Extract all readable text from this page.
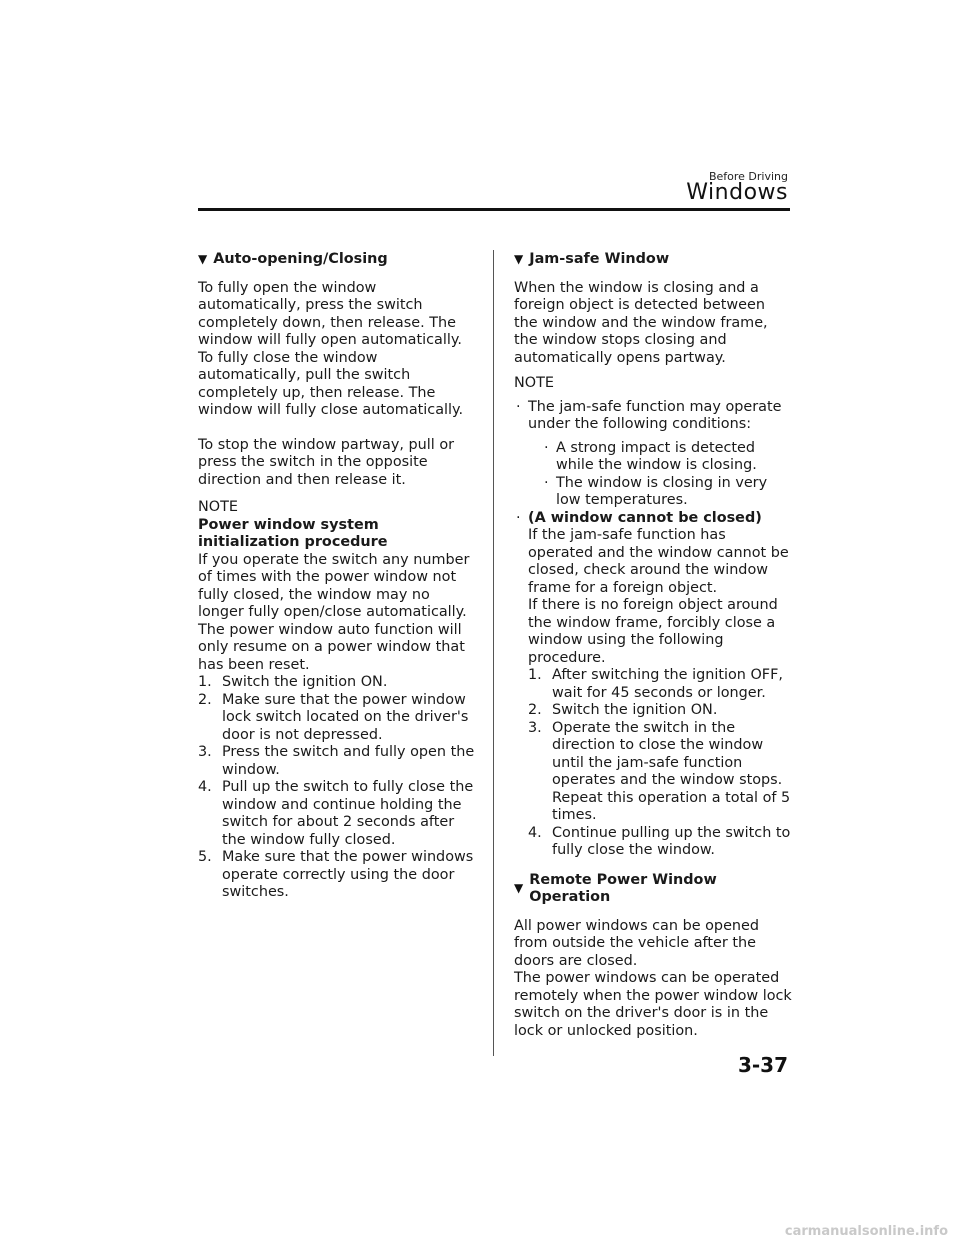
Before Driving
Windows
▼ Auto-opening/Closing

To fully open the window automatically, press the switch completely down, then release. The window will fully open automatically. To fully close the window automatically, pull the switch completely up, then release. The window will fully close automatically.

To stop the window partway, pull or press the switch in the opposite direction and then release it.

NOTE
Power window system initialization procedure
If you operate the switch any number of times with the power window not fully closed, the window may no longer fully open/close automatically.
The power window auto function will only resume on a power window that has been reset.
1. Switch the ignition ON.
2. Make sure that the power window lock switch located on the driver's door is not depressed.
3. Press the switch and fully open the window.
4. Pull up the switch to fully close the window and continue holding the switch for about 2 seconds after the window fully closed.
5. Make sure that the power windows operate correctly using the door switches.
▼ Jam-safe Window

When the window is closing and a foreign object is detected between the window and the window frame, the window stops closing and automatically opens partway.

NOTE
· The jam-safe function may operate under the following conditions:
· A strong impact is detected while the window is closing.
· The window is closing in very low temperatures.
· (A window cannot be closed)
If the jam-safe function has operated and the window cannot be closed, check around the window frame for a foreign object.
If there is no foreign object around the window frame, forcibly close a window using the following procedure.
1. After switching the ignition OFF, wait for 45 seconds or longer.
2. Switch the ignition ON.
3. Operate the switch in the direction to close the window until the jam-safe function operates and the window stops. Repeat this operation a total of 5 times.
4. Continue pulling up the switch to fully close the window.
▼
Remote Power Window Operation
All power windows can be opened from outside the vehicle after the doors are closed.
The power windows can be operated remotely when the power window lock switch on the driver's door is in the lock or unlocked position.
3-37
carmanualsonline.info
